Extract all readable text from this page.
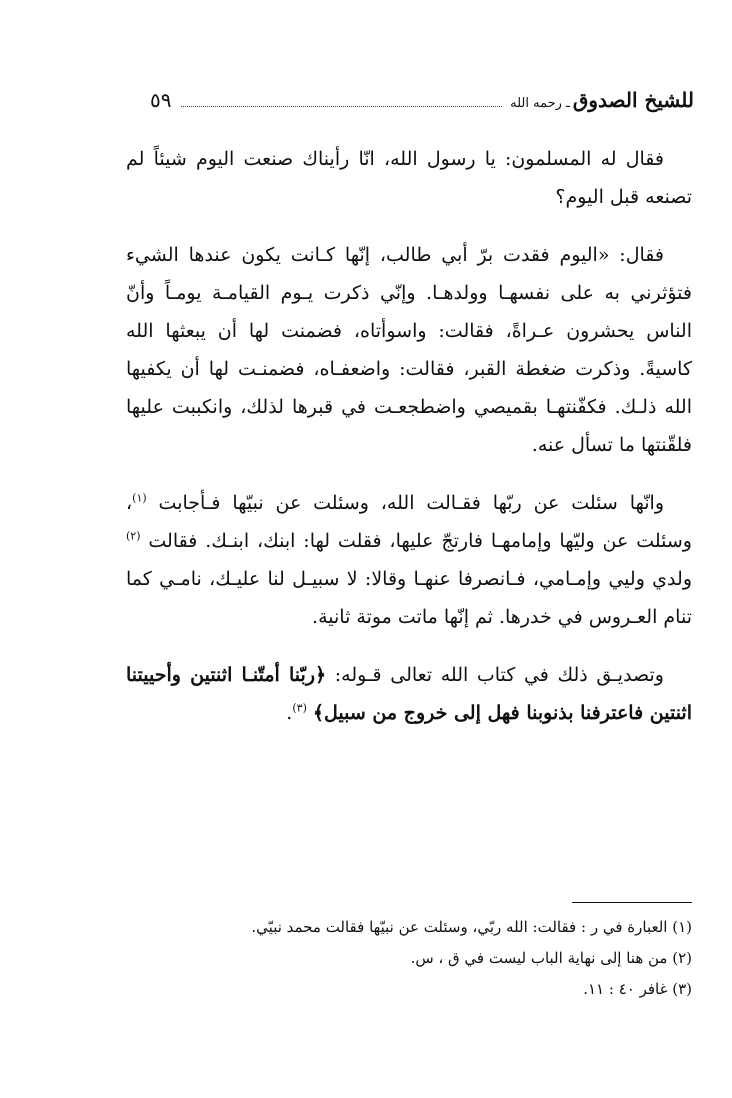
للشيخ الصدوق
ـ رحمه الله
٥٩

فقال له المسلمون: يا رسول الله، انّا رأيناك صنعت اليوم شيئاً لم تصنعه قبل اليوم؟

فقال: «اليوم فقدت برّ أبي طالب، إنّها كـانت يكون عندها الشيء فتؤثرني به على نفسهـا وولدهـا. وإنّي ذكرت يـوم القيامـة يومـاً وأنّ الناس يحشرون عـراةً، فقالت: واسوأتاه، فضمنت لها أن يبعثها الله كاسيةً. وذكرت ضغطة القبر، فقالت: واضعفـاه، فضمنـت لها أن يكفيها الله ذلـك. فكفّنتهـا بقميصي واضطجعـت في قبرها لذلك، وانكببت عليها فلقّنتها ما تسأل عنه.

وانّها سئلت عن ربّها فقـالت الله، وسئلت عن نبيّها فـأجابت $^{(١)}$، وسئلت عن وليّها وإمامهـا فارتجّ عليها، فقلت لها: ابنك، ابنـك. فقالت $^{(٢)}$ ولدي وليي وإمـامي، فـانصرفا عنهـا وقالا: لا سبيـل لنا عليـك، نامـي كما تنام العـروس في خدرها. ثم إنّها ماتت موتة ثانية.

وتصديـق ذلك في كتاب الله تعالى قـوله: ﴿ربّنا أمتّنـا اثنتين وأحييتنا اثنتين فاعترفنا بذنوبنا فهل إلى خروج من سبيل﴾ $^{(٣)}$.

(١) العبارة في ر : فقالت: الله ربّي، وسئلت عن نبيّها فقالت محمد نبيّي.
(٢) من هنا إلى نهاية الباب ليست في ق ، س.
(٣) غافر ٤٠ : ١١.
